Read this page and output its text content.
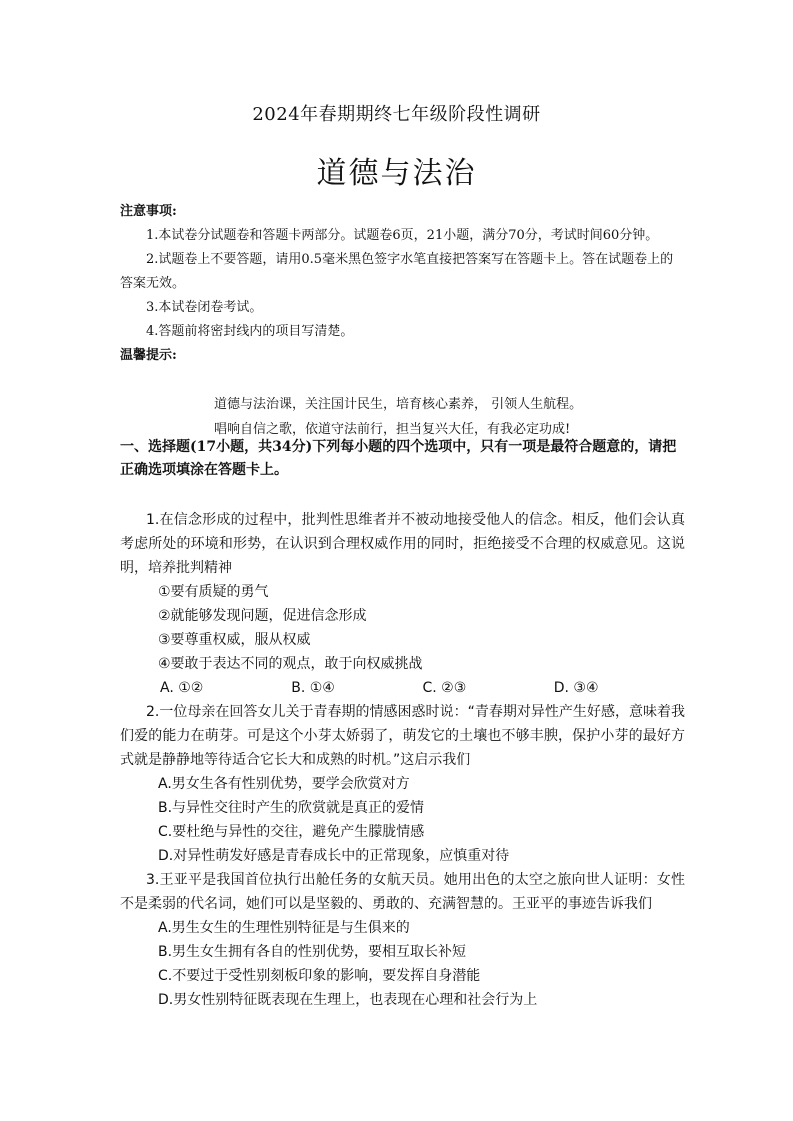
2024年春期期终七年级阶段性调研
道德与法治
注意事项:
1.本试卷分试题卷和答题卡两部分。试题卷6页，21小题，满分70分，考试时间60分钟。
2.试题卷上不要答题，请用0.5毫米黑色签字水笔直接把答案写在答题卡上。答在试题卷上的答案无效。
3.本试卷闭卷考试。
4.答题前将密封线内的项目写清楚。
温馨提示:
道德与法治课，关注国计民生，培育核心素养， 引领人生航程。
唱响自信之歌，依道守法前行，担当复兴大任，有我必定功成!
一、选择题(17小题，共34分)下列每小题的四个选项中，只有一项是最符合题意的，请把正确选项填涂在答题卡上。
1.在信念形成的过程中，批判性思维者并不被动地接受他人的信念。相反，他们会认真考虑所处的环境和形势，在认识到合理权威作用的同时，拒绝接受不合理的权威意见。这说明，培养批判精神
①要有质疑的勇气
②就能够发现问题，促进信念形成
③要尊重权威，服从权威
④要敢于表达不同的观点，敢于向权威挑战
A. ①②	B. ①④	C. ②③	D. ③④
2.一位母亲在回答女儿关于青春期的情感困惑时说：“青春期对异性产生好感，意味着我们爱的能力在萌芽。可是这个小芽太娇弱了，萌发它的土壤也不够丰腴，保护小芽的最好方式就是静静地等待适合它长大和成熟的时机。”这启示我们
A.男女生各有性别优势，要学会欣赏对方
B.与异性交往时产生的欣赏就是真正的爱情
C.要杜绝与异性的交往，避免产生朦胧情感
D.对异性萌发好感是青春成长中的正常现象，应慎重对待
3.王亚平是我国首位执行出舱任务的女航天员。她用出色的太空之旅向世人证明：女性不是柔弱的代名词，她们可以是坚毅的、勇敢的、充满智慧的。王亚平的事迹告诉我们
A.男生女生的生理性别特征是与生俱来的
B.男生女生拥有各自的性别优势，要相互取长补短
C.不要过于受性别刻板印象的影响，要发挥自身潜能
D.男女性别特征既表现在生理上，也表现在心理和社会行为上
